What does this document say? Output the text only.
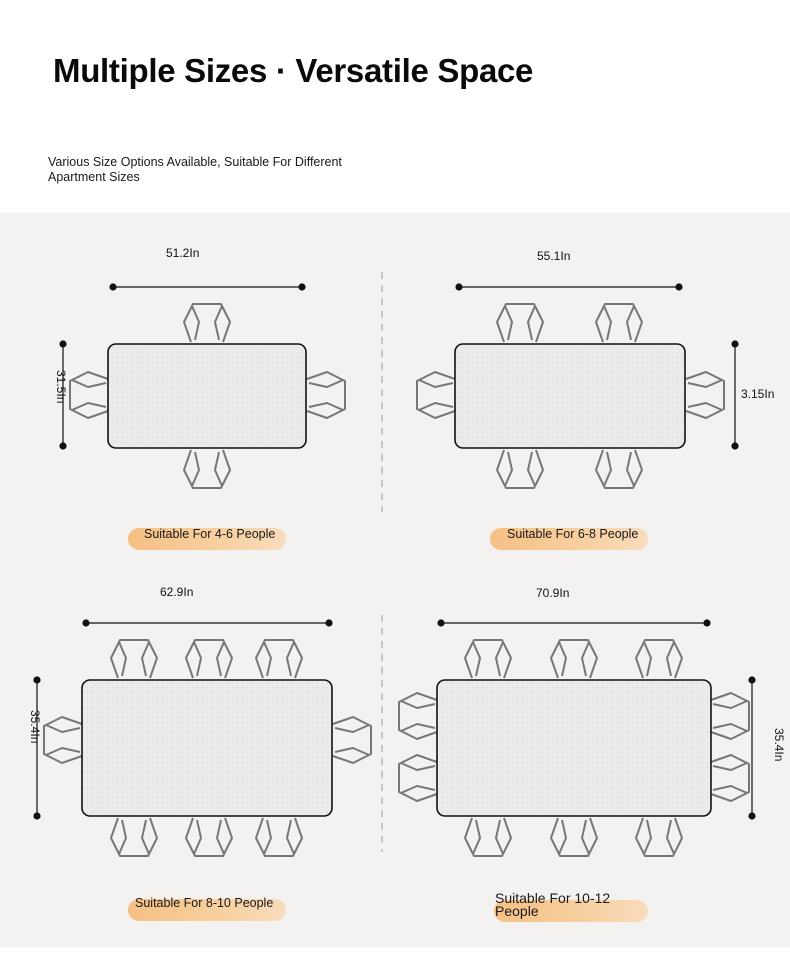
Multiple Sizes · Versatile Space
Various Size Options Available, Suitable For Different Apartment Sizes
51.2In
31.5In
55.1In
3.15In
62.9In
35.4In
70.9In
35.4In
Suitable For 4-6 People	Suitable For 6-8 People
Suitable For 8-10 People	Suitable For 10-12 People
